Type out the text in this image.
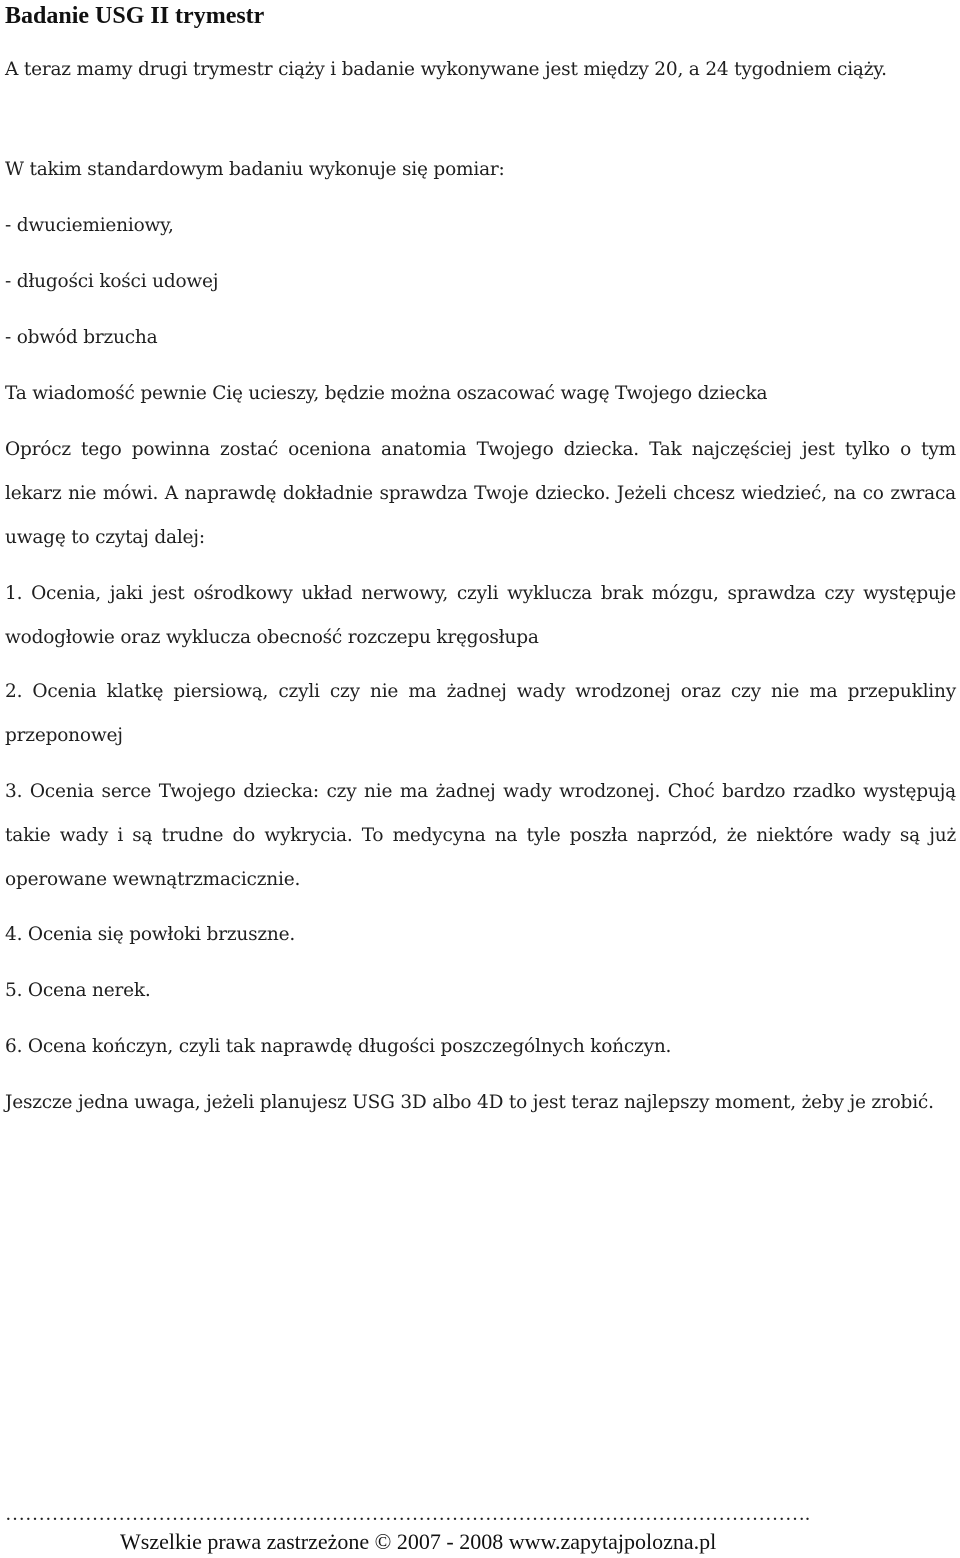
Badanie USG II trymestr

A teraz mamy drugi trymestr ciąży i badanie wykonywane jest między 20, a 24 tygodniem ciąży.

W takim standardowym badaniu wykonuje się pomiar:

- dwuciemieniowy,

- długości kości udowej

- obwód brzucha

Ta wiadomość pewnie Cię ucieszy, będzie można oszacować wagę Twojego dziecka

Oprócz tego powinna zostać oceniona anatomia Twojego dziecka. Tak najczęściej jest tylko o tym lekarz nie mówi. A naprawdę dokładnie sprawdza Twoje dziecko. Jeżeli chcesz wiedzieć, na co zwraca uwagę to czytaj dalej:

1. Ocenia, jaki jest ośrodkowy układ nerwowy, czyli wyklucza brak mózgu, sprawdza czy występuje wodogłowie oraz wyklucza obecność rozczepu kręgosłupa

2. Ocenia klatkę piersiową, czyli czy nie ma żadnej wady wrodzonej oraz czy nie ma przepukliny przeponowej

3. Ocenia serce Twojego dziecka: czy nie ma żadnej wady wrodzonej. Choć bardzo rzadko występują takie wady i są trudne do wykrycia. To medycyna na tyle poszła naprzód, że niektóre wady są już operowane wewnątrzmacicznie.

4. Ocenia się powłoki brzuszne.

5. Ocena nerek.

6. Ocena kończyn, czyli tak naprawdę długości poszczególnych kończyn.

Jeszcze jedna uwaga, jeżeli planujesz USG 3D albo 4D to jest teraz najlepszy moment, żeby je zrobić.

………………………………………………………………………………………………………….
Wszelkie prawa zastrzeżone © 2007 - 2008 www.zapytajpolozna.pl
